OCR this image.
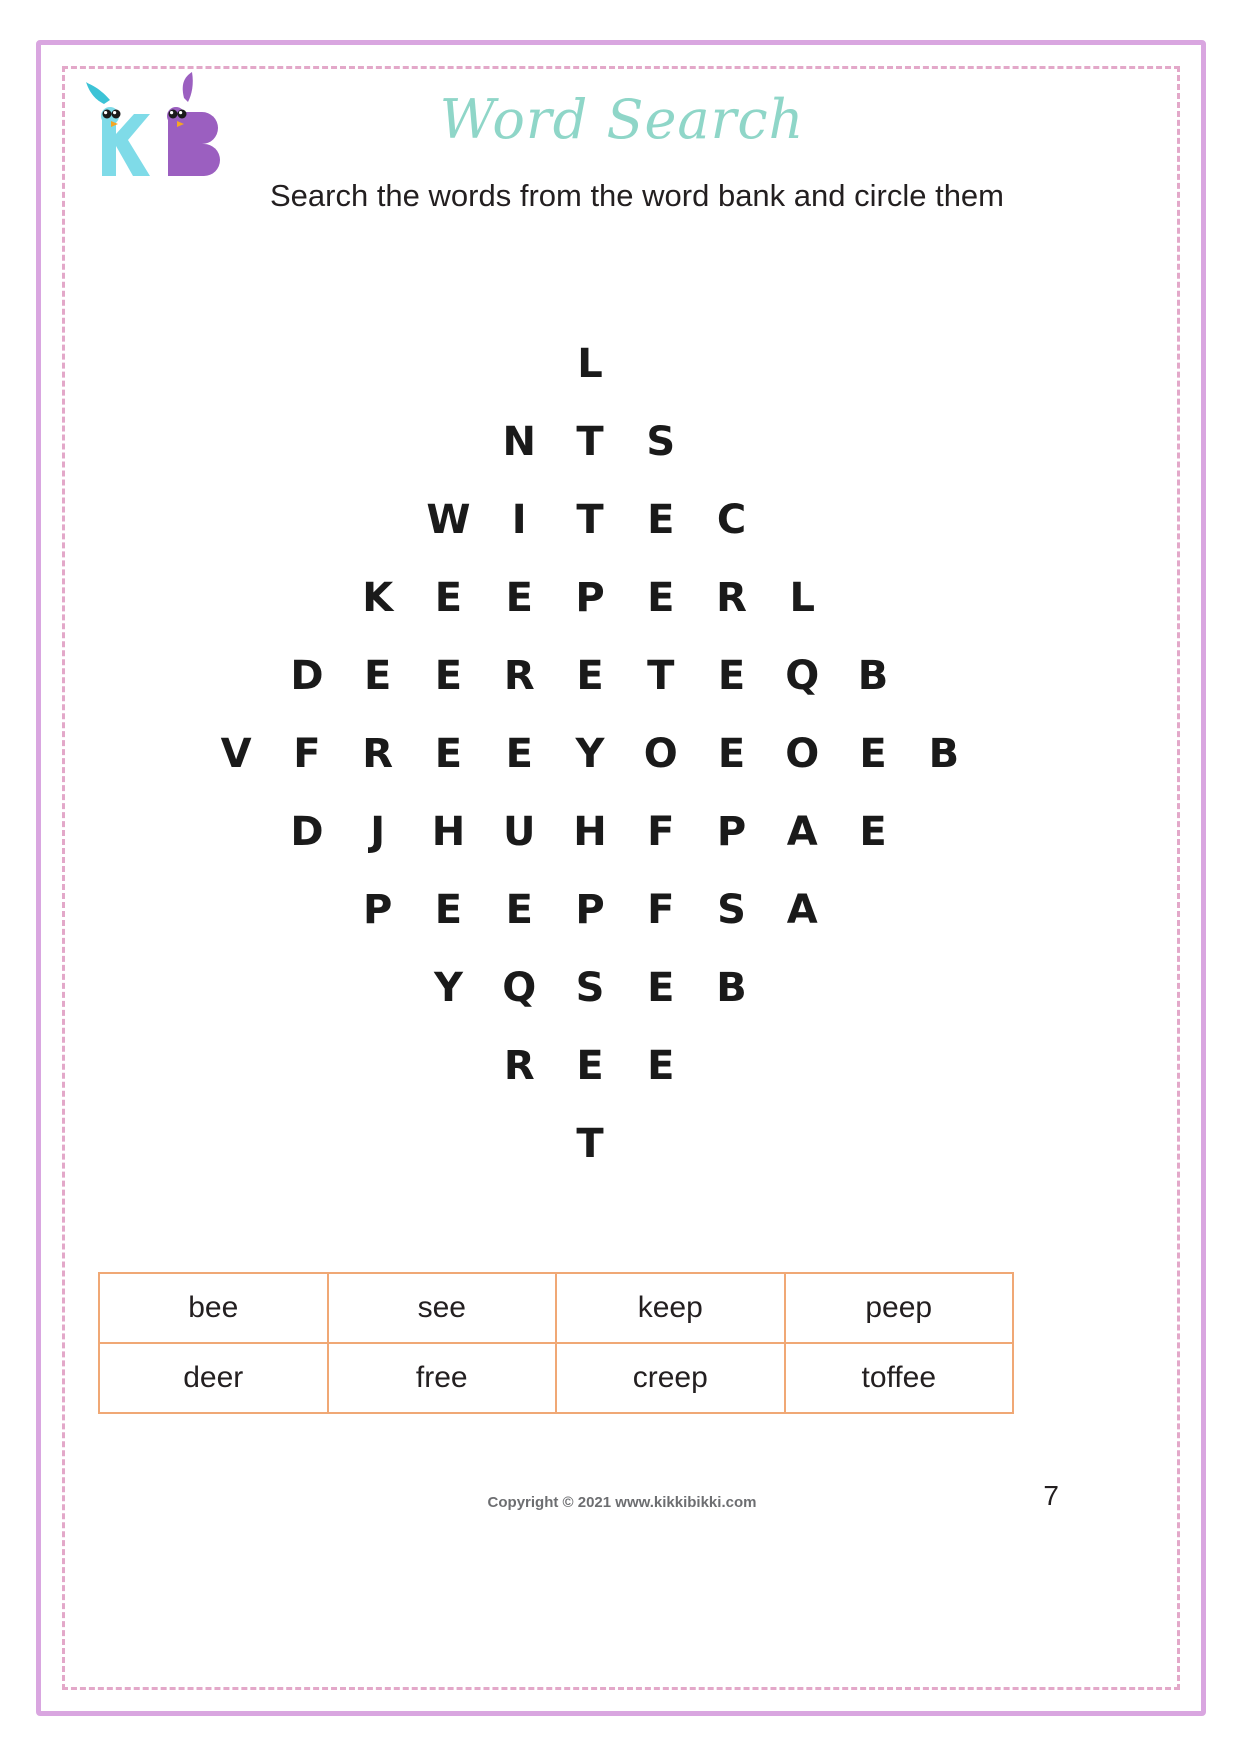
Word Search
Search the words from the word bank and circle them
L
N	T	S
W	I	T	E	C
K	E	E	P	E	R	L
D	E	E	R	E	T	E	Q B
V	F	R	E	E	Y O	E	O	E	B
D	J	H U H	F	P	A	E
P	E	E	P	F	S	A
Y Q S	E	B
R	E	E
T
bee	see	keep	peep
deer	free	creep	toffee
Copyright © 2021 www.kikkibikki.com	7
